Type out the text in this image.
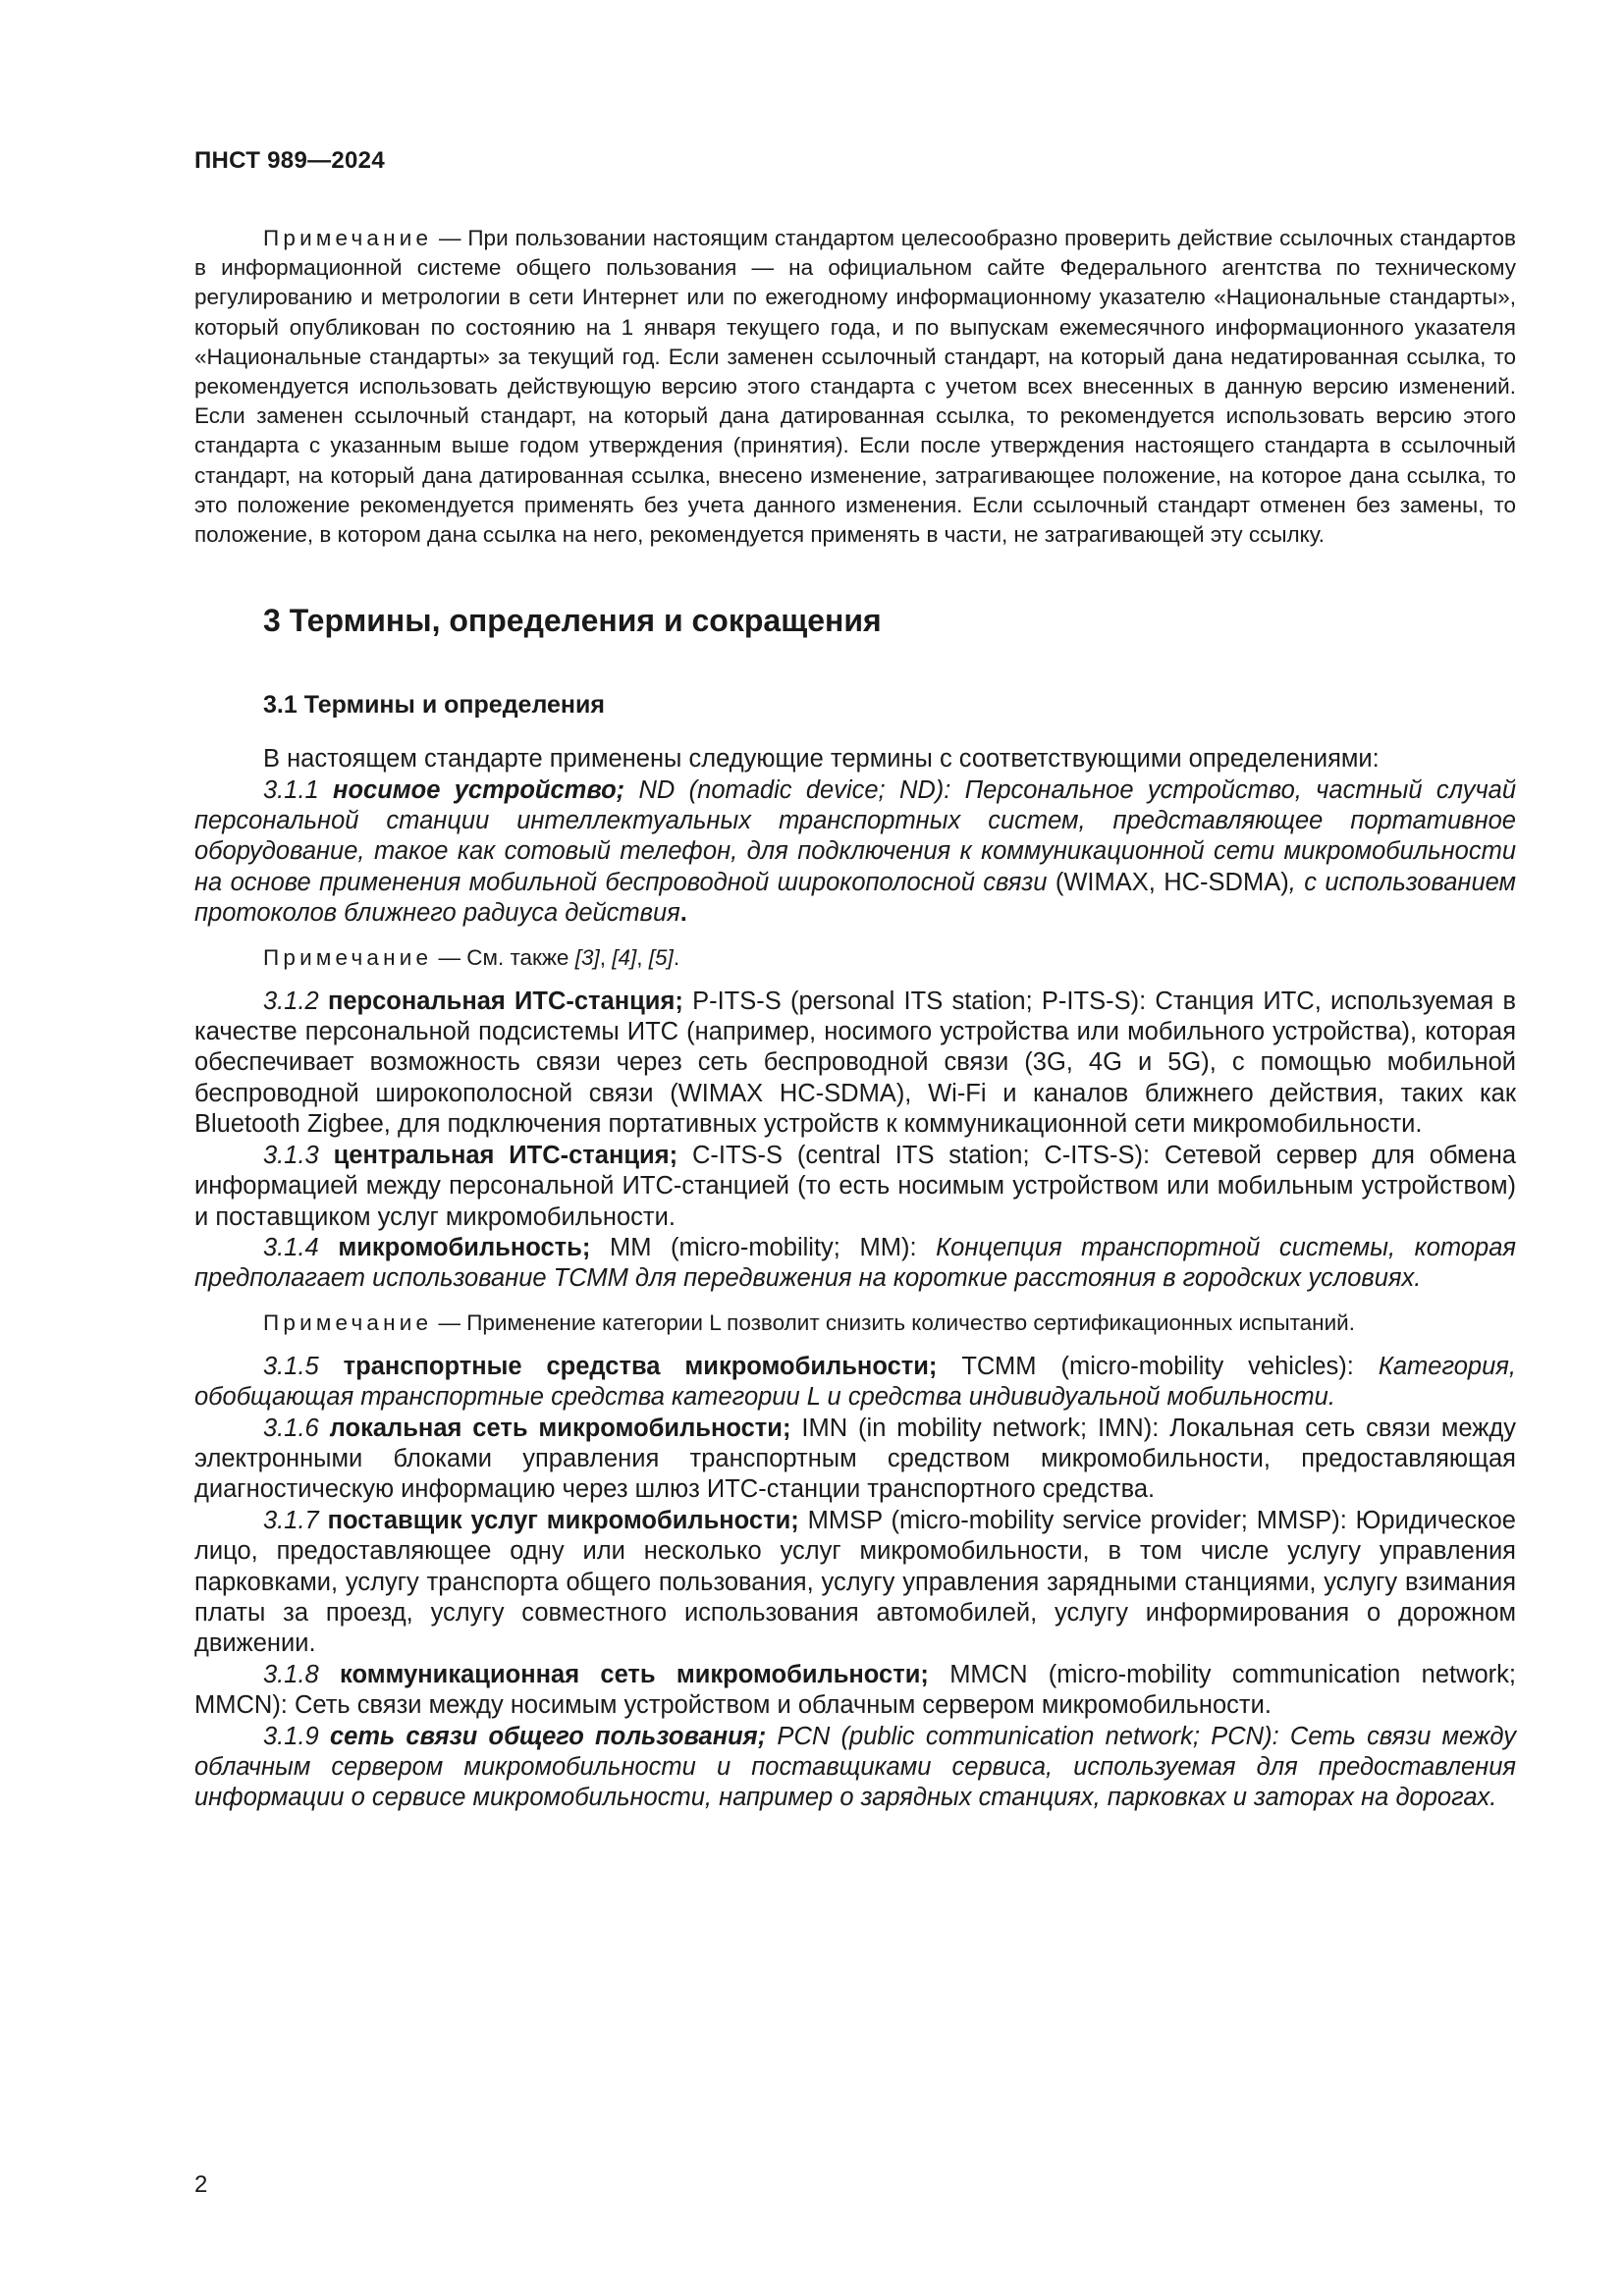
ПНСТ 989—2024

Примечание — При пользовании настоящим стандартом целесообразно проверить действие ссылочных стандартов в информационной системе общего пользования — на официальном сайте Федерального агентства по техническому регулированию и метрологии в сети Интернет или по ежегодному информационному указателю «Национальные стандарты», который опубликован по состоянию на 1 января текущего года, и по выпускам ежемесячного информационного указателя «Национальные стандарты» за текущий год. Если заменен ссылочный стандарт, на который дана недатированная ссылка, то рекомендуется использовать действующую версию этого стандарта с учетом всех внесенных в данную версию изменений. Если заменен ссылочный стандарт, на который дана датированная ссылка, то рекомендуется использовать версию этого стандарта с указанным выше годом утверждения (принятия). Если после утверждения настоящего стандарта в ссылочный стандарт, на который дана датированная ссылка, внесено изменение, затрагивающее положение, на которое дана ссылка, то это положение рекомендуется применять без учета данного изменения. Если ссылочный стандарт отменен без замены, то положение, в котором дана ссылка на него, рекомендуется применять в части, не затрагивающей эту ссылку.

3 Термины, определения и сокращения
3.1 Термины и определения

В настоящем стандарте применены следующие термины с соответствующими определениями:

3.1.1 носимое устройство; ND (nomadic device; ND): Персональное устройство, частный случай персональной станции интеллектуальных транспортных систем, представляющее портативное оборудование, такое как сотовый телефон, для подключения к коммуникационной сети микромобильности на основе применения мобильной беспроводной широкополосной связи (WIMAX, HC-SDMA), с использованием протоколов ближнего радиуса действия.

Примечание — См. также [3], [4], [5].

3.1.2 персональная ИТС-станция; P-ITS-S (personal ITS station; P-ITS-S): Станция ИТС, используемая в качестве персональной подсистемы ИТС (например, носимого устройства или мобильного устройства), которая обеспечивает возможность связи через сеть беспроводной связи (3G, 4G и 5G), с помощью мобильной беспроводной широкополосной связи (WIMAX HC-SDMA), Wi-Fi и каналов ближнего действия, таких как Bluetooth Zigbee, для подключения портативных устройств к коммуникационной сети микромобильности.

3.1.3 центральная ИТС-станция; C-ITS-S (central ITS station; C-ITS-S): Сетевой сервер для обмена информацией между персональной ИТС-станцией (то есть носимым устройством или мобильным устройством) и поставщиком услуг микромобильности.

3.1.4 микромобильность; MM (micro-mobility; MM): Концепция транспортной системы, которая предполагает использование ТСММ для передвижения на короткие расстояния в городских условиях.

Примечание — Применение категории L позволит снизить количество сертификационных испытаний.

3.1.5 транспортные средства микромобильности; ТСММ (micro-mobility vehicles): Категория, обобщающая транспортные средства категории L и средства индивидуальной мобильности.

3.1.6 локальная сеть микромобильности; IMN (in mobility network; IMN): Локальная сеть связи между электронными блоками управления транспортным средством микромобильности, предоставляющая диагностическую информацию через шлюз ИТС-станции транспортного средства.

3.1.7 поставщик услуг микромобильности; MMSP (micro-mobility service provider; MMSP): Юридическое лицо, предоставляющее одну или несколько услуг микромобильности, в том числе услугу управления парковками, услугу транспорта общего пользования, услугу управления зарядными станциями, услугу взимания платы за проезд, услугу совместного использования автомобилей, услугу информирования о дорожном движении.

3.1.8 коммуникационная сеть микромобильности; MMCN (micro-mobility communication network; MMCN): Сеть связи между носимым устройством и облачным сервером микромобильности.

3.1.9 сеть связи общего пользования; PCN (public communication network; PCN): Сеть связи между облачным сервером микромобильности и поставщиками сервиса, используемая для предоставления информации о сервисе микромобильности, например о зарядных станциях, парковках и заторах на дорогах.

2
